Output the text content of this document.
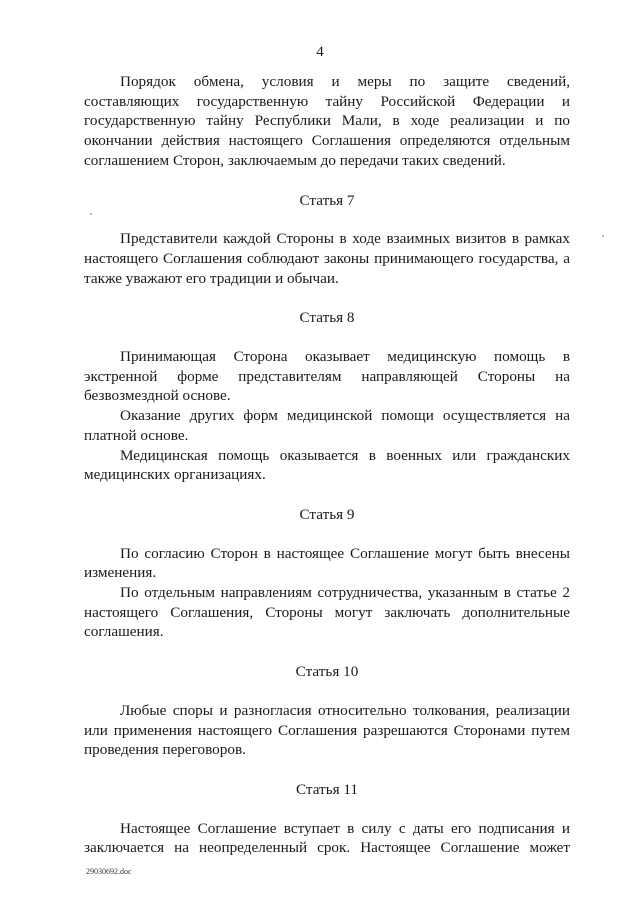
4

Порядок обмена, условия и меры по защите сведений, составляющих государственную тайну Российской Федерации и государственную тайну Республики Мали, в ходе реализации и по окончании действия настоящего Соглашения определяются отдельным соглашением Сторон, заключаемым до передачи таких сведений.

Статья 7

Представители каждой Стороны в ходе взаимных визитов в рамках настоящего Соглашения соблюдают законы принимающего государства, а также уважают его традиции и обычаи.

Статья 8

Принимающая Сторона оказывает медицинскую помощь в экстренной форме представителям направляющей Стороны на безвозмездной основе.

Оказание других форм медицинской помощи осуществляется на платной основе.

Медицинская помощь оказывается в военных или гражданских медицинских организациях.

Статья 9

По согласию Сторон в настоящее Соглашение могут быть внесены изменения.

По отдельным направлениям сотрудничества, указанным в статье 2 настоящего Соглашения, Стороны могут заключать дополнительные соглашения.

Статья 10

Любые споры и разногласия относительно толкования, реализации или применения настоящего Соглашения разрешаются Сторонами путем проведения переговоров.

Статья 11

Настоящее Соглашение вступает в силу с даты его подписания и заключается на неопределенный срок. Настоящее Соглашение может

29030692.doc
